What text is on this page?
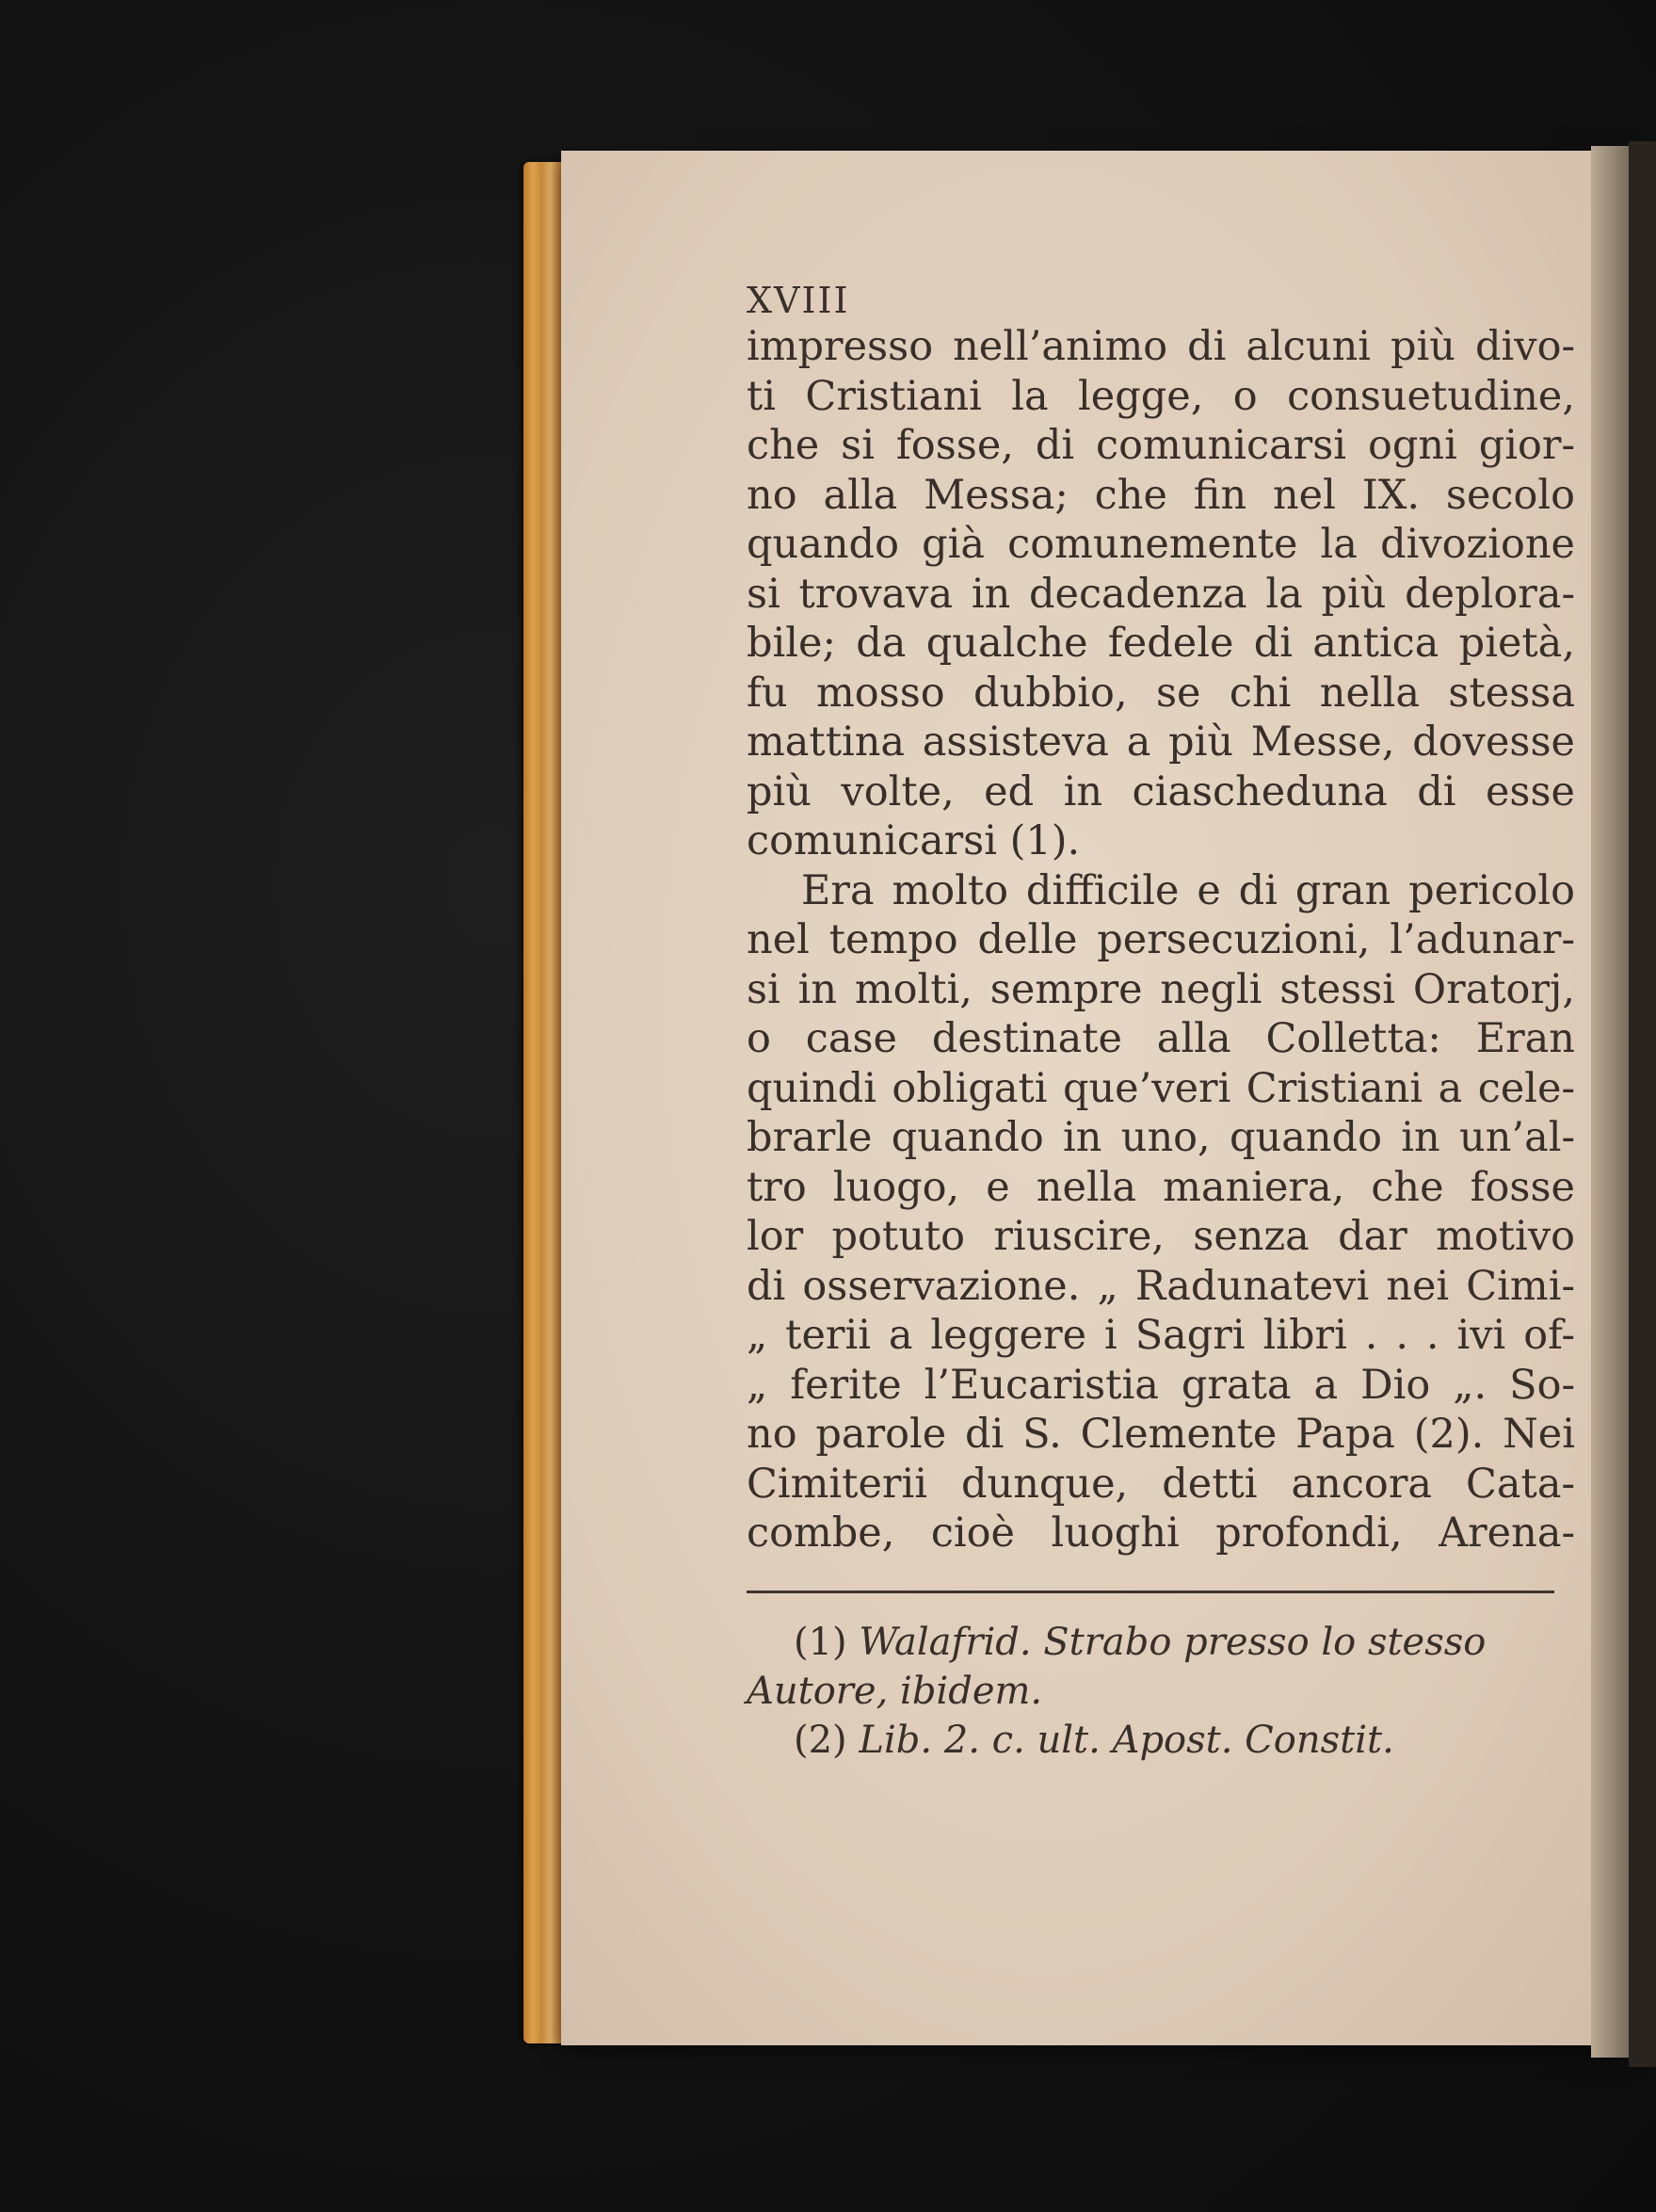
XVIII
impresso nell’animo di alcuni più divo-
ti Cristiani la legge, o consuetudine,
che si fosse, di comunicarsi ogni gior-
no alla Messa; che fin nel IX. secolo
quando già comunemente la divozione
si trovava in decadenza la più deplora-
bile; da qualche fedele di antica pietà,
fu mosso dubbio, se chi nella stessa
mattina assisteva a più Messe, dovesse
più volte, ed in ciascheduna di esse
comunicarsi (1).
Era molto difficile e di gran pericolo
nel tempo delle persecuzioni, l’adunar-
si in molti, sempre negli stessi Oratorj,
o case destinate alla Colletta: Eran
quindi obligati que’veri Cristiani a cele-
brarle quando in uno, quando in un’al-
tro luogo, e nella maniera, che fosse
lor potuto riuscire, senza dar motivo
di osservazione. „ Radunatevi nei Cimi-
„ terii a leggere i Sagri libri . . . ivi of-
„ ferite l’Eucaristia grata a Dio „. So-
no parole di S. Clemente Papa (2). Nei
Cimiterii dunque, detti ancora Cata-
combe, cioè luoghi profondi, Arena-
(1) Walafrid. Strabo presso lo stesso
Autore, ibidem.
(2) Lib. 2. c. ult. Apost. Constit.
